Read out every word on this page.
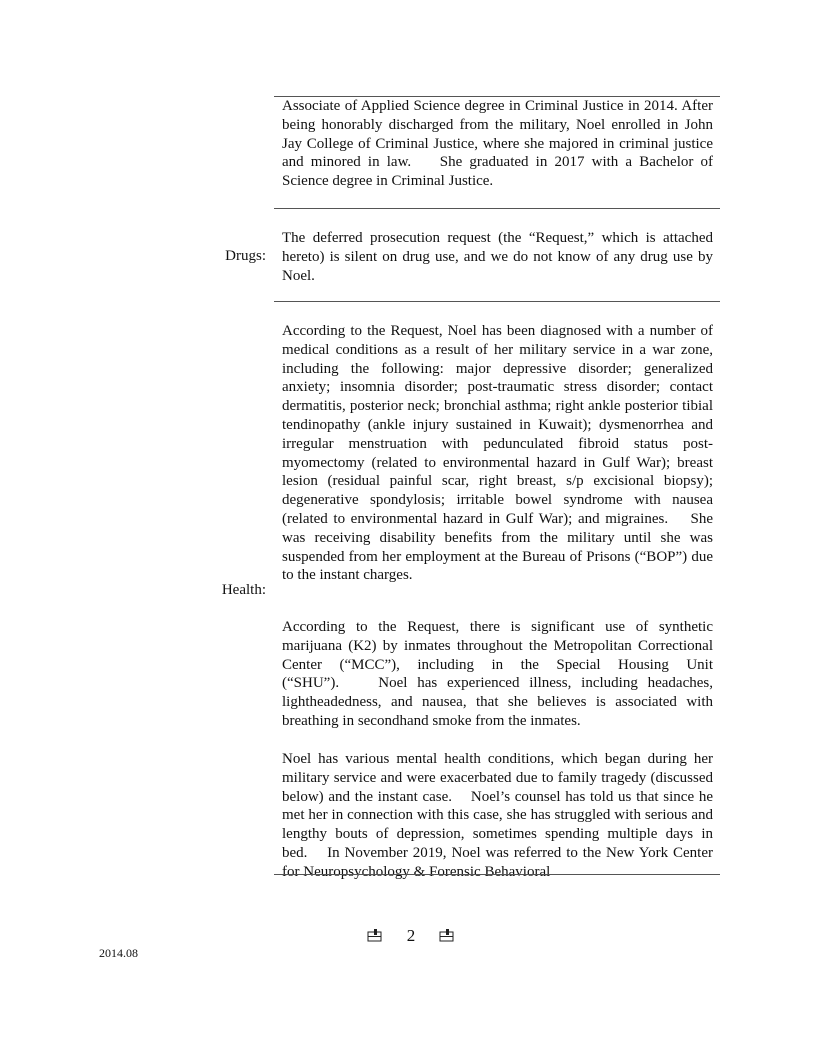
Associate of Applied Science degree in Criminal Justice in 2014. After being honorably discharged from the military, Noel enrolled in John Jay College of Criminal Justice, where she majored in criminal justice and minored in law.    She graduated in 2017 with a Bachelor of Science degree in Criminal Justice.

Drugs:

The deferred prosecution request (the “Request,” which is attached hereto) is silent on drug use, and we do not know of any drug use by Noel.

Health:

According to the Request, Noel has been diagnosed with a number of medical conditions as a result of her military service in a war zone, including the following: major depressive disorder; generalized anxiety; insomnia disorder; post-traumatic stress disorder; contact dermatitis, posterior neck; bronchial asthma; right ankle posterior tibial tendinopathy (ankle injury sustained in Kuwait); dysmenorrhea and irregular menstruation with pedunculated fibroid status post-myomectomy (related to environmental hazard in Gulf War); breast lesion (residual painful scar, right breast, s/p excisional biopsy); degenerative spondylosis; irritable bowel syndrome with nausea (related to environmental hazard in Gulf War); and migraines.    She was receiving disability benefits from the military until she was suspended from her employment at the Bureau of Prisons (“BOP”) due to the instant charges.

According to the Request, there is significant use of synthetic marijuana (K2) by inmates throughout the Metropolitan Correctional Center (“MCC”), including in the Special Housing Unit (“SHU”).    Noel has experienced illness, including headaches, lightheadedness, and nausea, that she believes is associated with breathing in secondhand smoke from the inmates.

Noel has various mental health conditions, which began during her military service and were exacerbated due to family tragedy (discussed below) and the instant case.    Noel’s counsel has told us that since he met her in connection with this case, she has struggled with serious and lengthy bouts of depression, sometimes spending multiple days in bed.    In November 2019, Noel was referred to the New York Center for Neuropsychology & Forensic Behavioral

2
2014.08
